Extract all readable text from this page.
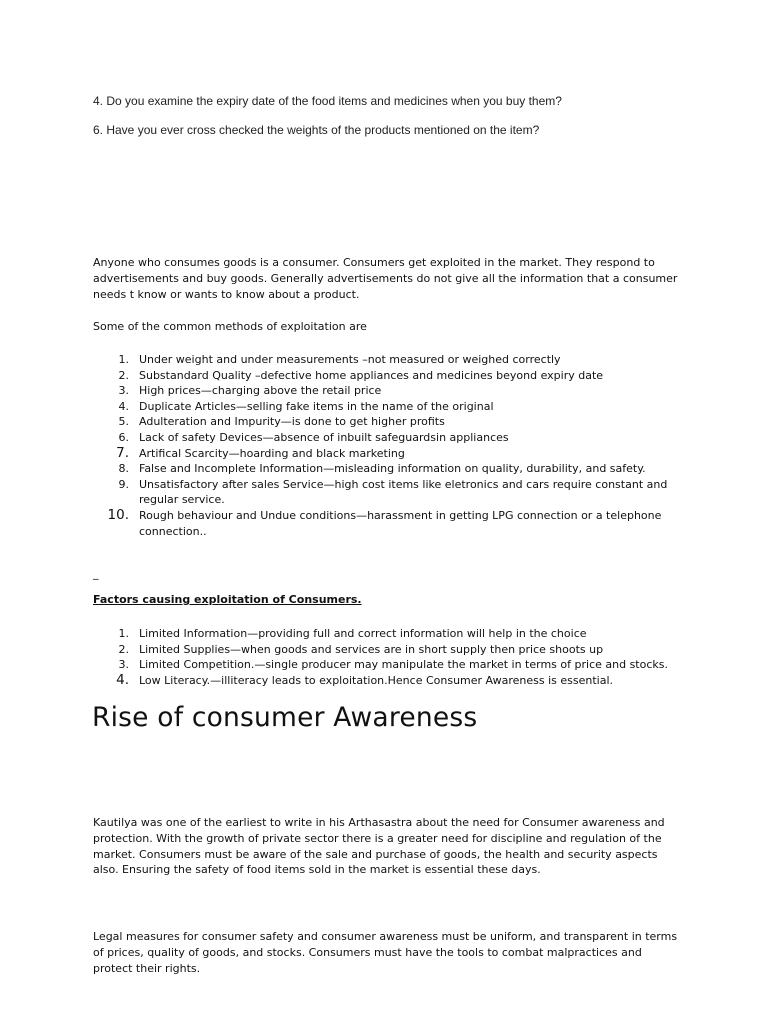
4. Do you examine the expiry date of the food items and medicines when you buy them?
6. Have you ever cross checked the weights of the products mentioned on the item?

Anyone who consumes goods is a consumer. Consumers get exploited in the market. They respond to advertisements and buy goods. Generally advertisements do not give all the information that a consumer needs t know or wants to know about a product.

Some of the common methods of exploitation are

1. Under weight and under measurements –not measured or weighed correctly
2. Substandard Quality –defective home appliances and medicines beyond expiry date
3. High prices—charging above the retail price
4. Duplicate Articles—selling fake items in the name of the original
5. Adulteration and Impurity—is done to get higher profits
6. Lack of safety Devices—absence of inbuilt safeguardsin appliances
7. Artifical Scarcity—hoarding and black marketing
8. False and Incomplete Information—misleading information on quality, durability, and safety.
9. Unsatisfactory after sales Service—high cost items like eletronics and cars require constant and regular service.
10. Rough behaviour and Undue conditions—harassment in getting LPG connection or a telephone connection..
_
Factors causing exploitation of Consumers.
1. Limited Information—providing full and correct information will help in the choice
2. Limited Supplies—when goods and services are in short supply then price shoots up
3. Limited Competition.—single producer may manipulate the market in terms of price and stocks.
4. Low Literacy.—illiteracy leads to exploitation.Hence Consumer Awareness is essential.
Rise of consumer Awareness

Kautilya was one of the earliest to write in his Arthasastra about the need for Consumer awareness and protection. With the growth of private sector there is a greater need for discipline and regulation of the market. Consumers must be aware of the sale and purchase of goods, the health and security aspects also. Ensuring the safety of food items sold in the market is essential these days.

Legal measures for consumer safety and consumer awareness must be uniform, and transparent in terms of prices, quality of goods, and stocks. Consumers must have the tools to combat malpractices and protect their rights.
